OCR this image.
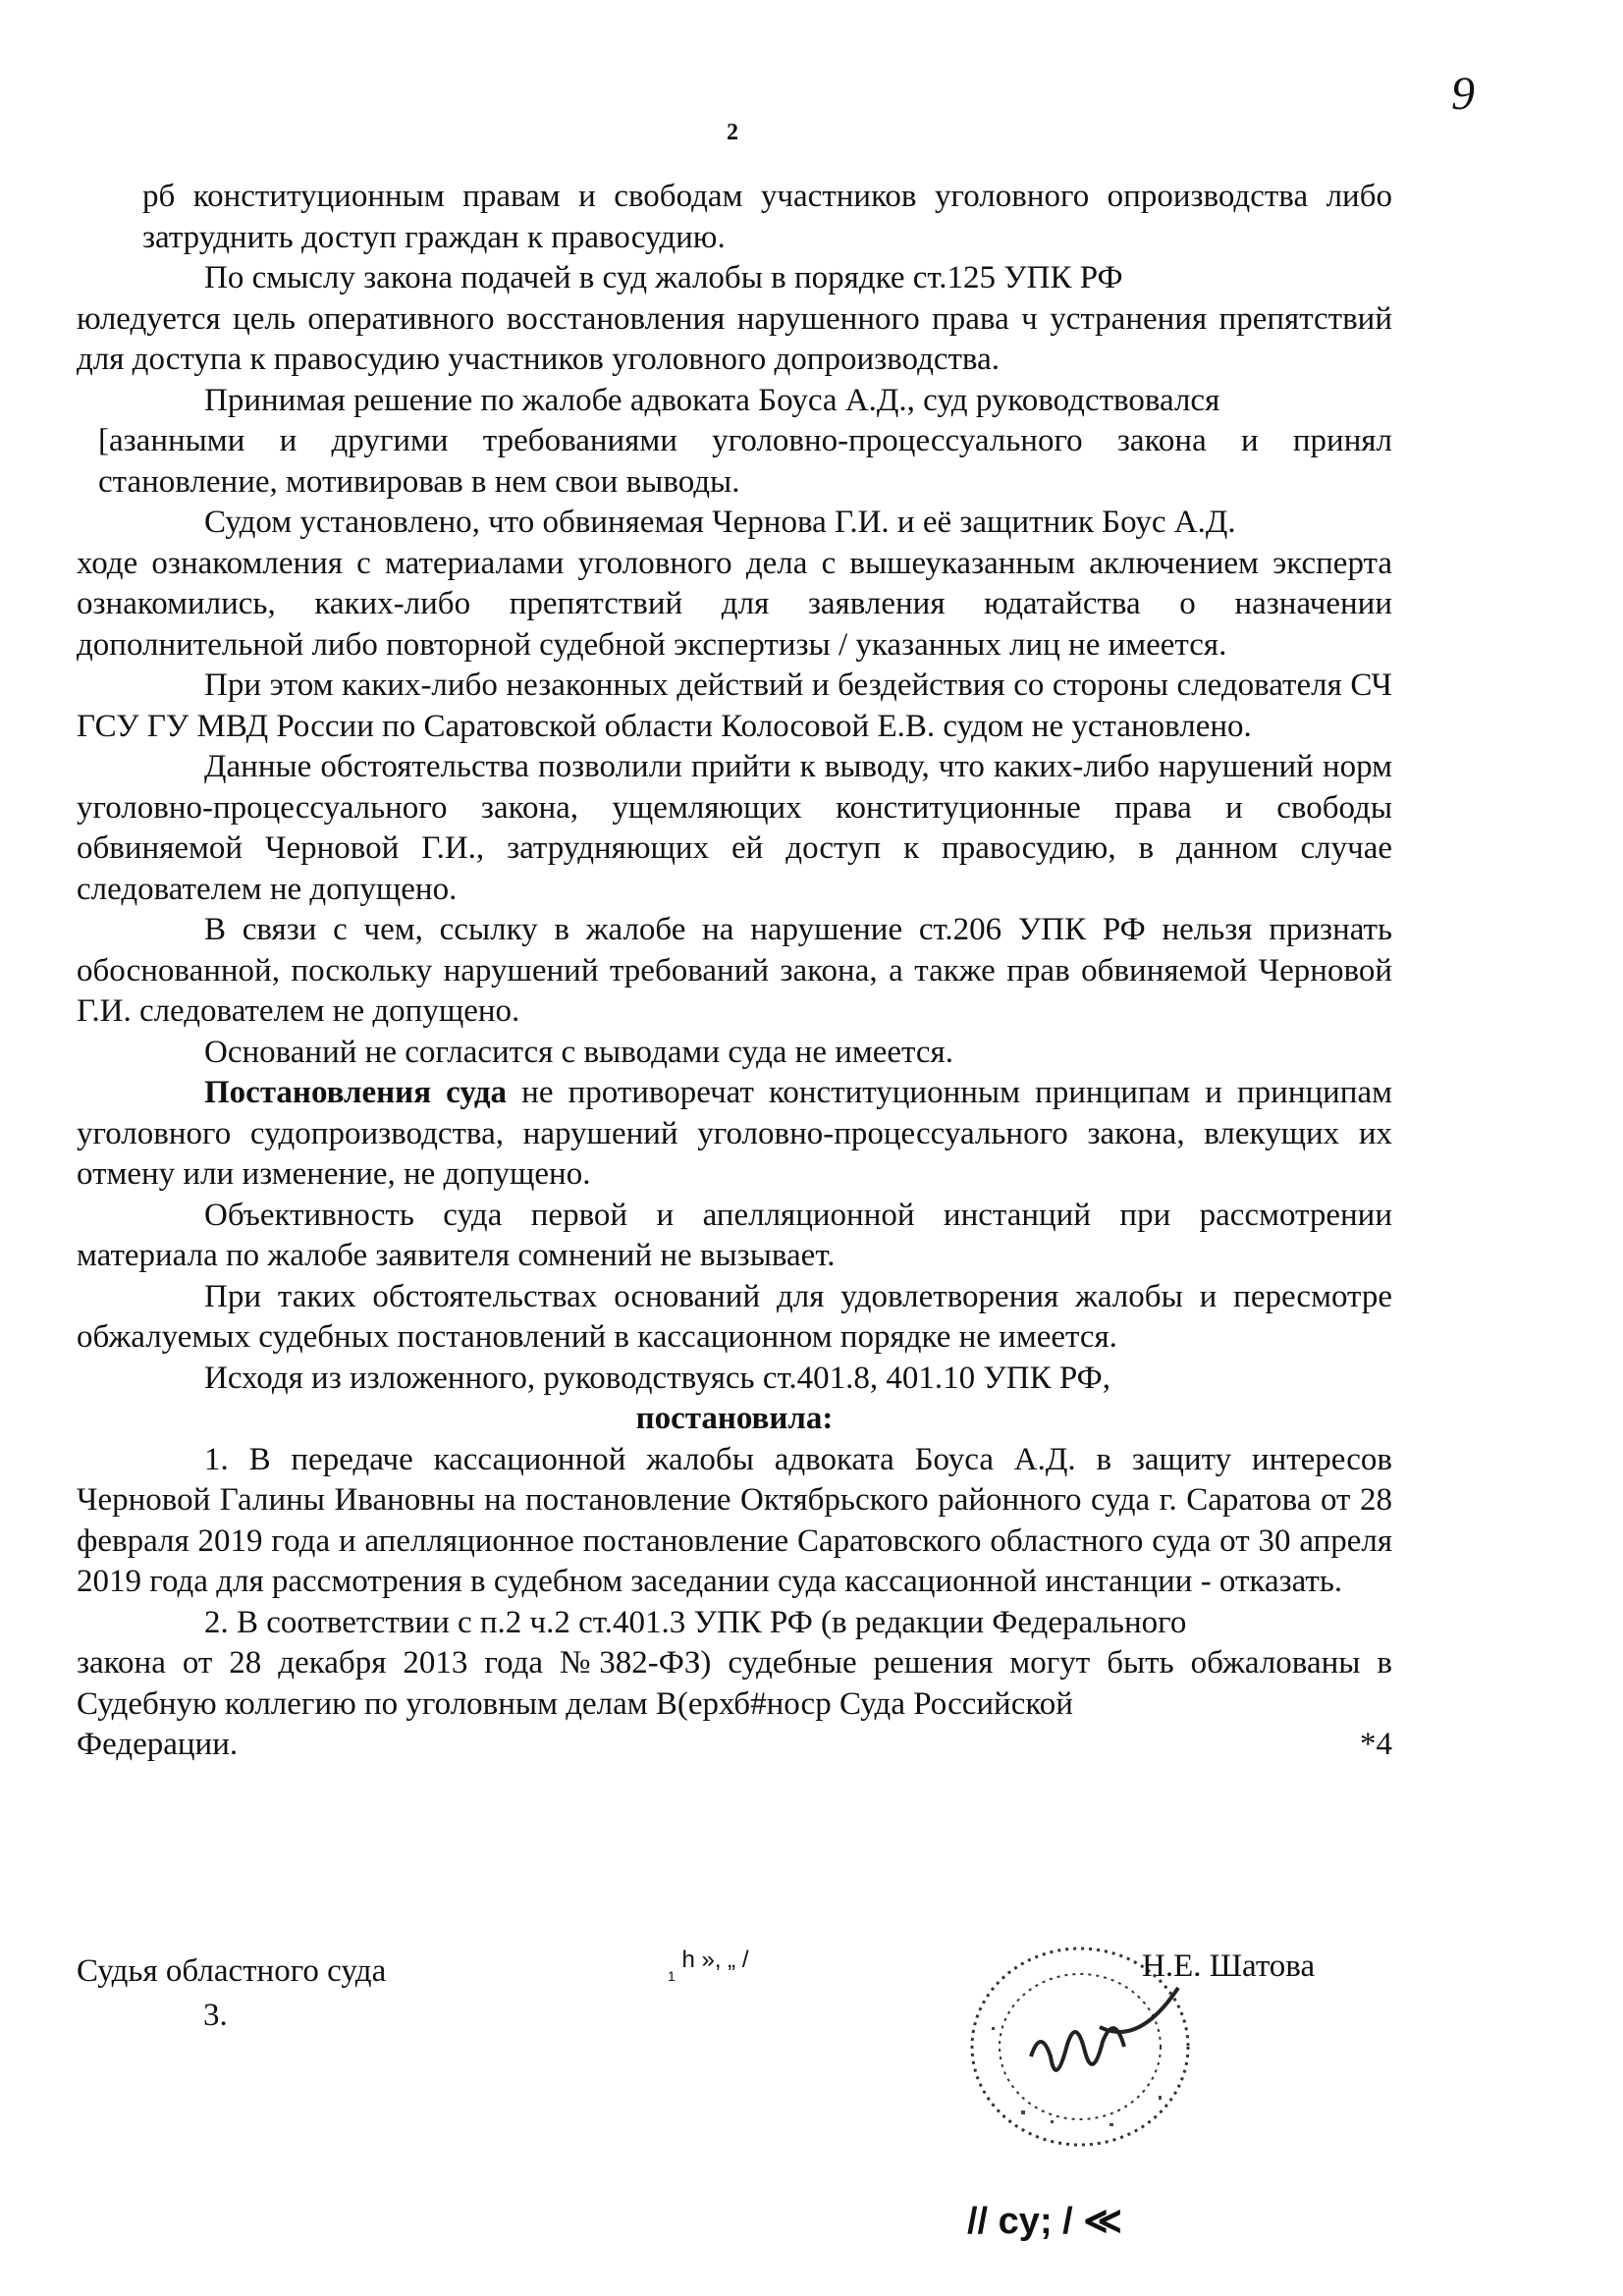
9
2

рб конституционным правам и свободам участников уголовного опроизводства либо затруднить доступ граждан к правосудию.

По смыслу закона подачей в суд жалобы в порядке ст.125 УПК РФ

юледуется цель оперативного восстановления нарушенного права ч устранения препятствий для доступа к правосудию участников уголовного допроизводства.

Принимая решение по жалобе адвоката Боуса А.Д., суд руководствовался

[азанными и другими требованиями уголовно-процессуального закона и принял становление, мотивировав в нем свои выводы.

Судом установлено, что обвиняемая Чернова Г.И. и её защитник Боус А.Д.

ходе ознакомления с материалами уголовного дела с вышеуказанным аключением эксперта ознакомились, каких-либо препятствий для заявления юдатайства о назначении дополнительной либо повторной судебной экспертизы / указанных лиц не имеется.

При этом каких-либо незаконных действий и бездействия со стороны следователя СЧ ГСУ ГУ МВД России по Саратовской области Колосовой Е.В. судом не установлено.

Данные обстоятельства позволили прийти к выводу, что каких-либо нарушений норм уголовно-процессуального закона, ущемляющих конституционные права и свободы обвиняемой Черновой Г.И., затрудняющих ей доступ к правосудию, в данном случае следователем не допущено.

В связи с чем, ссылку в жалобе на нарушение ст.206 УПК РФ нельзя признать обоснованной, поскольку нарушений требований закона, а также прав обвиняемой Черновой Г.И. следователем не допущено.

Оснований не согласится с выводами суда не имеется.

Постановления суда не противоречат конституционным принципам и принципам уголовного судопроизводства, нарушений уголовно-процессуального закона, влекущих их отмену или изменение, не допущено.

Объективность суда первой и апелляционной инстанций при рассмотрении материала по жалобе заявителя сомнений не вызывает.

При таких обстоятельствах оснований для удовлетворения жалобы и пересмотре обжалуемых судебных постановлений в кассационном порядке не имеется.

Исходя из изложенного, руководствуясь ст.401.8, 401.10 УПК РФ,

постановила:

1. В передаче кассационной жалобы адвоката Боуса А.Д. в защиту интересов Черновой Галины Ивановны на постановление Октябрьского районного суда г. Саратова от 28 февраля 2019 года и апелляционное постановление Саратовского областного суда от 30 апреля 2019 года для рассмотрения в судебном заседании суда кассационной инстанции - отказать.

2. В соответствии с п.2 ч.2 ст.401.3 УПК РФ (в редакции Федерального

закона от 28 декабря 2013 года №382-ФЗ) судебные решения могут быть обжалованы в Судебную коллегию по уголовным делам В(ерхб#носр Суда Российской

Федерации.	*4
$^1$ h », „ /
Судья областного суда
3.
Н.Е. Шатова
// cy; / ≪
